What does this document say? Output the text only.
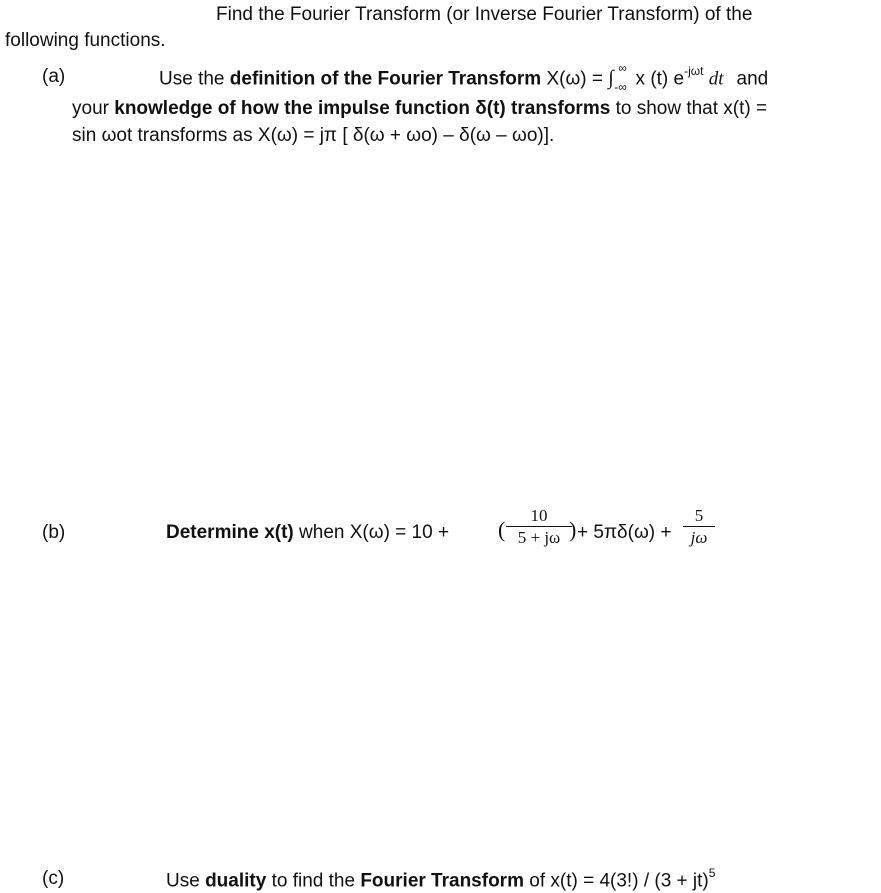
Find the Fourier Transform (or Inverse Fourier Transform) of the
following functions.
(a)	Use the definition of the Fourier Transform X(ω) = ∫ ∞
-∞ x (t) $e^{-j\omega t}$ dt and
your knowledge of how the impulse function δ(t) transforms to show that x(t) =
sin ωot transforms as X(ω) = jπ [ δ(ω + ωo) – δ(ω – ωo)].
(b)	Determine x(t) when X(ω) = 10 + (
10
5 + jω ) + 5πδ(ω) +
5
jω
(c)	Use duality to find the Fourier Transform of x(t) = 4(3!) / (3 + jt)$^5$
